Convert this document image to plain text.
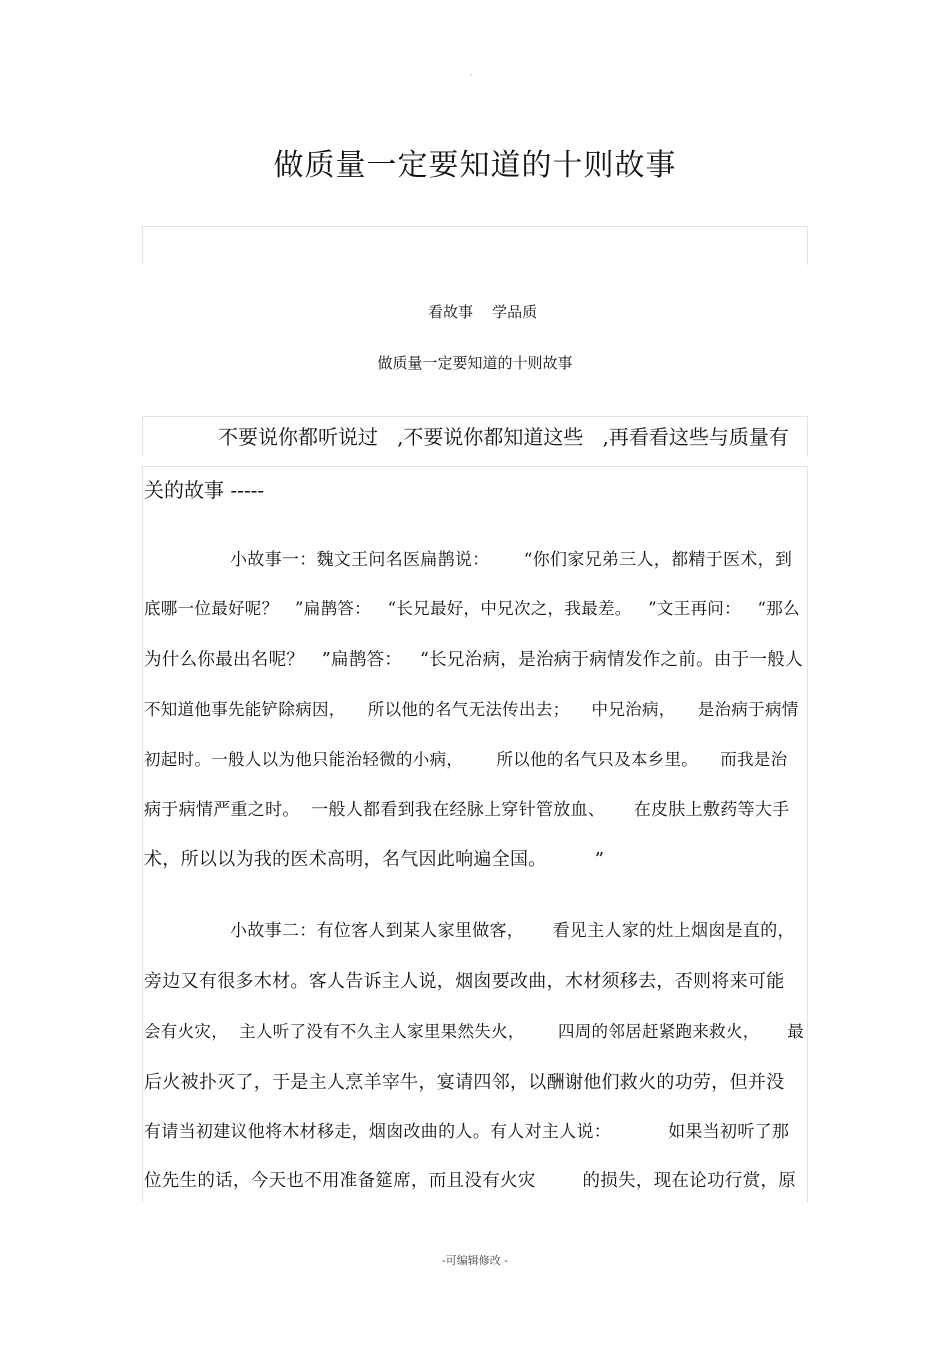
-
做质量一定要知道的十则故事
看故事    学品质
做质量一定要知道的十则故事
不要说你都听说过   ,不要说你都知道这些   ,再看看这些与质量有
关的故事 -----
小故事一：魏文王问名医扁鹊说：      “你们家兄弟三人，都精于医术，到
底哪一位最好呢？   ”扁鹊答：   “长兄最好，中兄次之，我最差。   ”文王再问：   “那么
为什么你最出名呢？   ”扁鹊答：   “长兄治病，是治病于病情发作之前。由于一般人
不知道他事先能铲除病因，    所以他的名气无法传出去；    中兄治病，    是治病于病情
初起时。一般人以为他只能治轻微的小病，      所以他的名气只及本乡里。    而我是治
病于病情严重之时。  一般人都看到我在经脉上穿针管放血、     在皮肤上敷药等大手
术，所以以为我的医术高明，名气因此响遍全国。        ”
小故事二：有位客人到某人家里做客，     看见主人家的灶上烟囱是直的，
旁边又有很多木材。客人告诉主人说，烟囱要改曲，木材须移去，否则将来可能
会有火灾，  主人听了没有不久主人家里果然失火，      四周的邻居赶紧跑来救火，     最
后火被扑灭了，于是主人烹羊宰牛，宴请四邻，以酬谢他们救火的功劳，但并没
有请当初建议他将木材移走，烟囱改曲的人。有人对主人说：          如果当初听了那
位先生的话，今天也不用准备筵席，而且没有火灾        的损失，现在论功行赏，原
-可编辑修改 -
